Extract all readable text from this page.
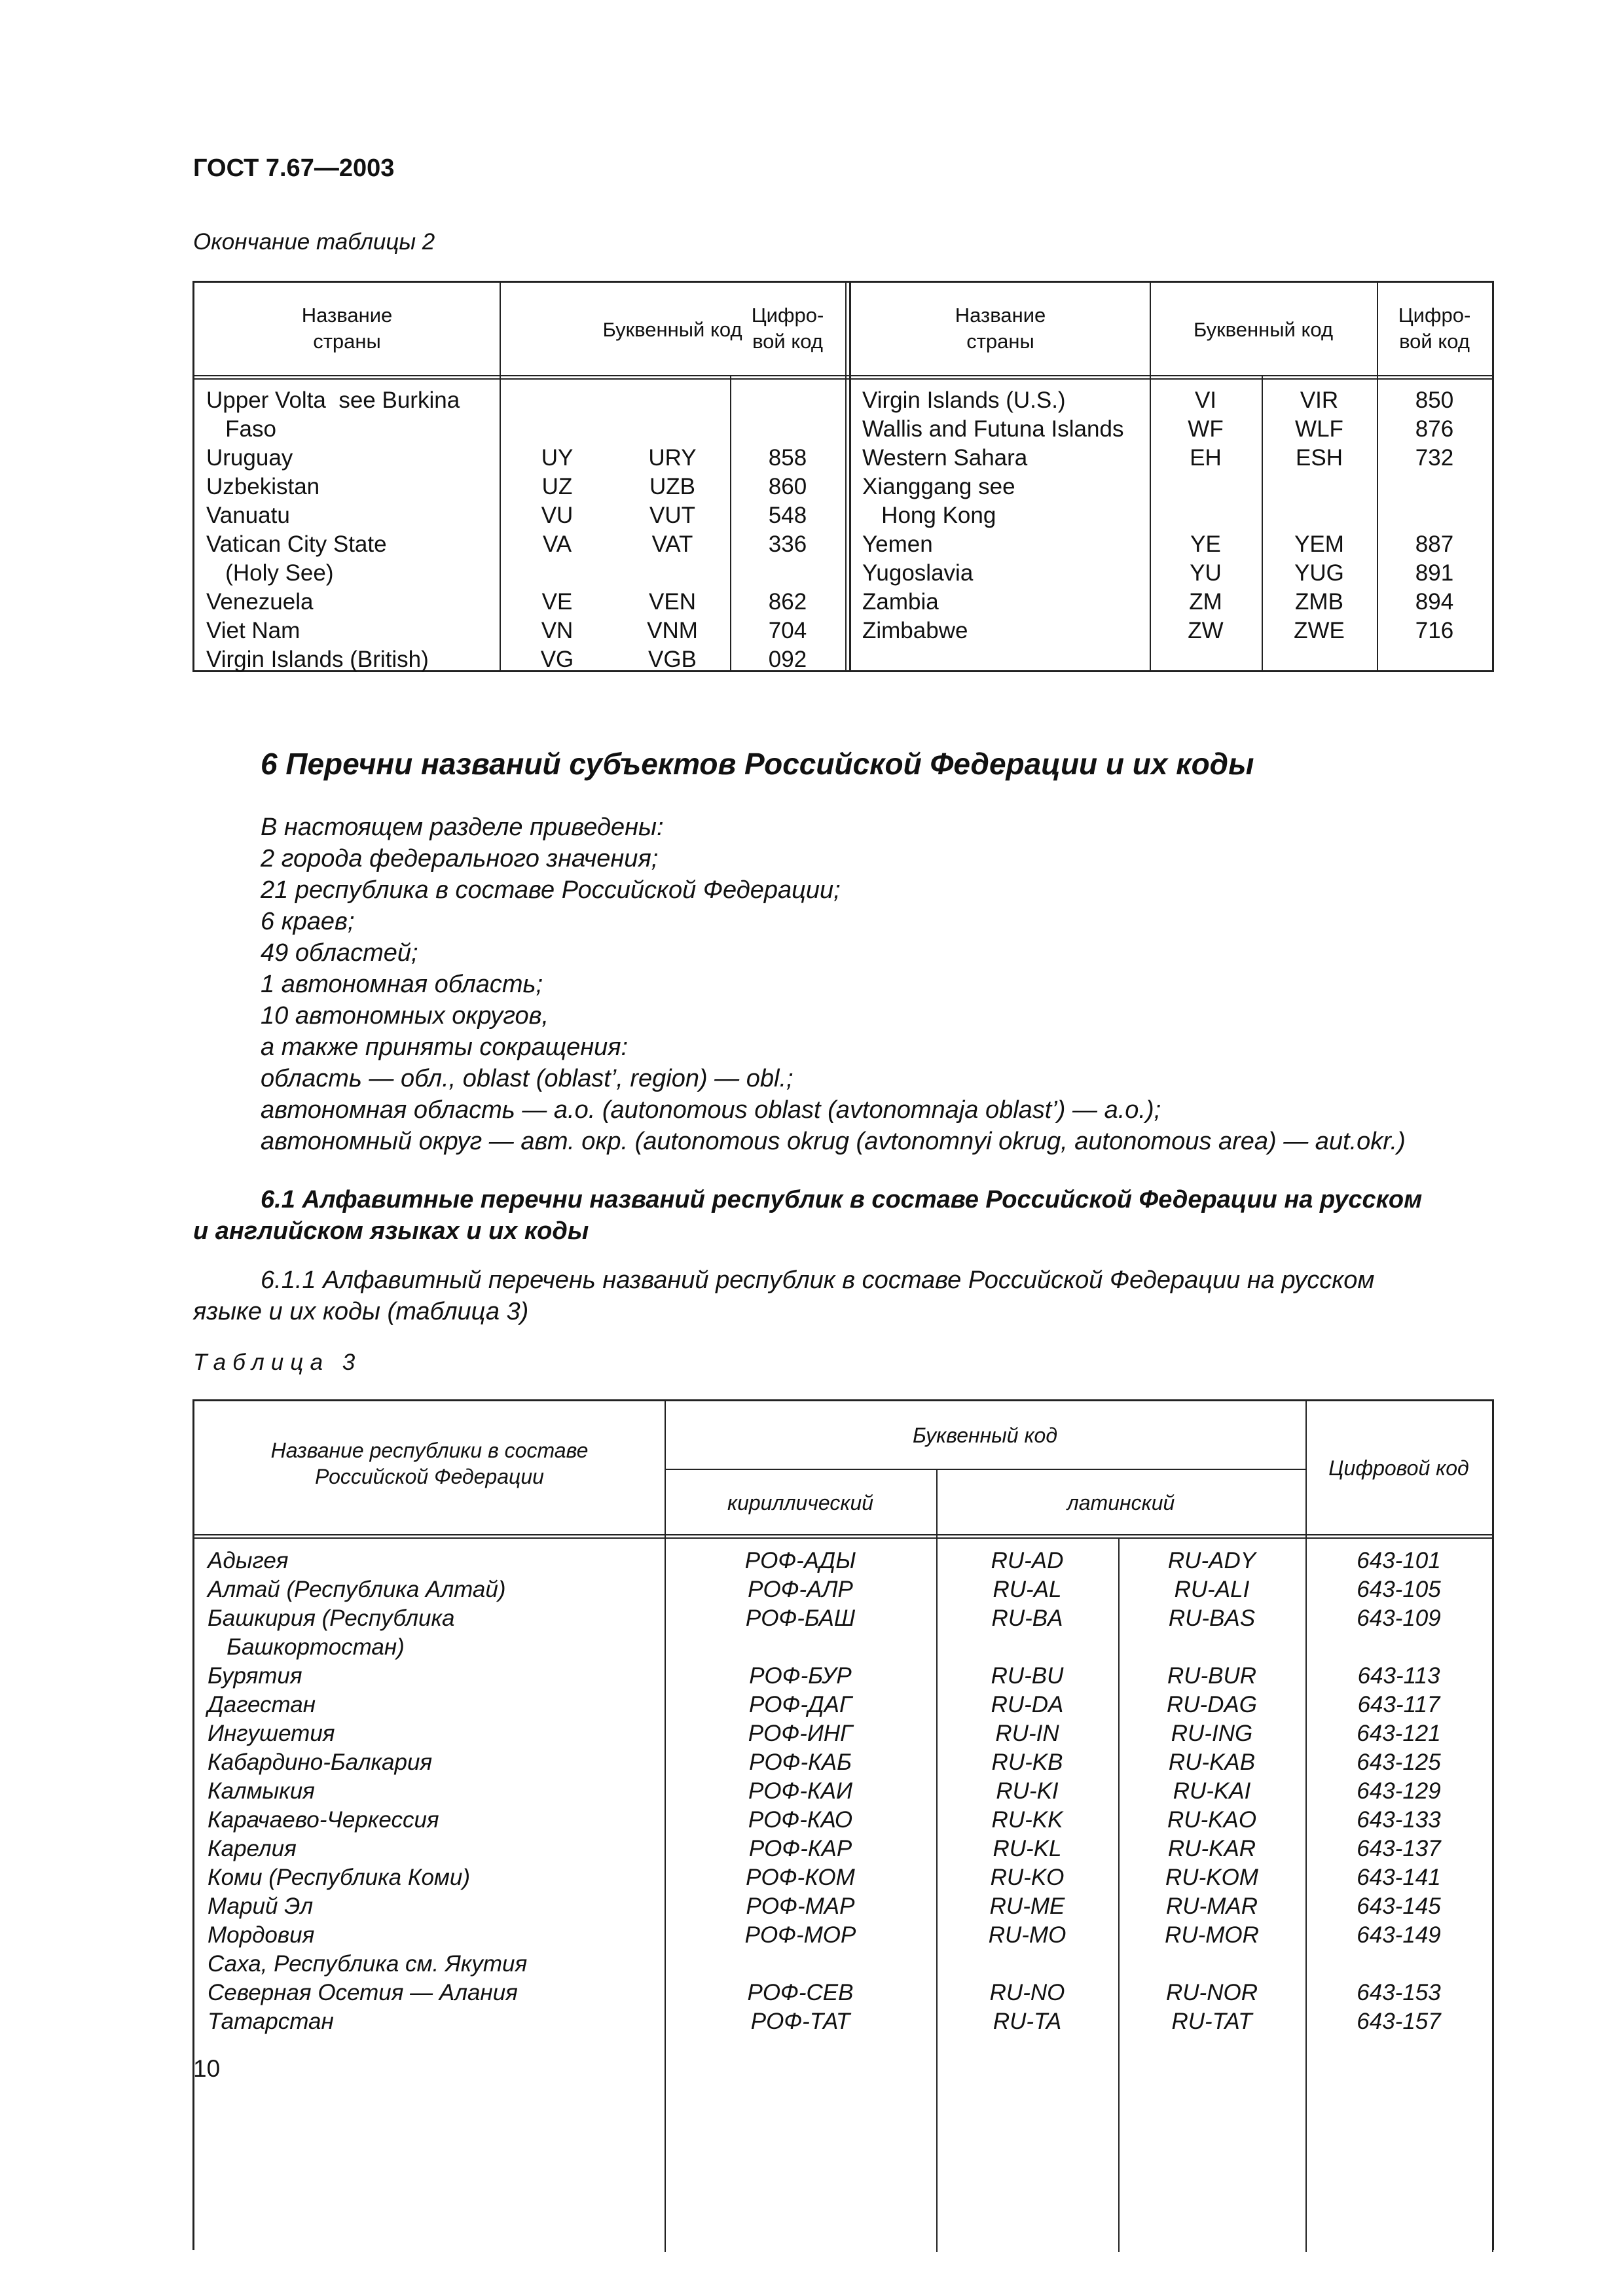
ГОСТ 7.67—2003
Окончание таблицы 2
Название
страны
Буквенный код
Цифро-
вой код
Название
страны
Буквенный код
Цифро-
вой код
Upper Volta  see Burkina
Faso
Uruguay	UY	URY	858
Uzbekistan	UZ	UZB	860
Vanuatu	VU	VUT	548
Vatican City State	VA	VAT	336
(Holy See)
Venezuela	VE	VEN	862
Viet Nam	VN	VNM	704
Virgin Islands (British)	VG	VGB	092
Virgin Islands (U.S.)	VI	VIR	850
Wallis and Futuna Islands	WF	WLF	876
Western Sahara	EH	ESH	732
Xianggang see
Hong Kong
Yemen	YE	YEM	887
Yugoslavia	YU	YUG	891
Zambia	ZM	ZMB	894
Zimbabwe	ZW	ZWE	716
6 Перечни названий субъектов Российской Федерации и их коды
В настоящем разделе приведены:
2 города федерального значения;
21 республика в составе Российской Федерации;
6 краев;
49 областей;
1 автономная область;
10 автономных округов,
а также приняты сокращения:
область — обл., oblast (oblast’, region) — obl.;
автономная область — а.о. (autonomous oblast (avtonomnaja oblast’) — a.o.);
автономный округ — авт. окр. (autonomous okrug (avtonomnyi okrug, autonomous area) — aut.okr.)
6.1 Алфавитные перечни названий республик в составе Российской Федерации на русском
и английском языках и их коды
6.1.1 Алфавитный перечень названий республик в составе Российской Федерации на русском
языке и их коды (таблица 3)
Таблица 3
Название республики в составе
Российской Федерации
Буквенный код
кириллический	латинский
Цифровой код
Адыгея	РОФ-АДЫ	RU-AD	RU-ADY	643-101
Алтай (Республика Алтай)	РОФ-АЛР	RU-AL	RU-ALI	643-105
Башкирия (Республика	РОФ-БАШ	RU-BA	RU-BAS	643-109
Башкортостан)
Бурятия	РОФ-БУР	RU-BU	RU-BUR	643-113
Дагестан	РОФ-ДАГ	RU-DA	RU-DAG	643-117
Ингушетия	РОФ-ИНГ	RU-IN	RU-ING	643-121
Кабардино-Балкария	РОФ-КАБ	RU-KB	RU-KAB	643-125
Калмыкия	РОФ-КАИ	RU-KI	RU-KAI	643-129
Карачаево-Черкессия	РОФ-КАО	RU-KK	RU-KAO	643-133
Карелия	РОФ-КАР	RU-KL	RU-KAR	643-137
Коми (Республика Коми)	РОФ-КОМ	RU-KO	RU-KOM	643-141
Марий Эл	РОФ-МАР	RU-ME	RU-MAR	643-145
Мордовия	РОФ-МОР	RU-MO	RU-MOR	643-149
Саха, Республика см. Якутия
Северная Осетия — Алания	РОФ-СЕВ	RU-NO	RU-NOR	643-153
Татарстан	РОФ-ТАТ	RU-TA	RU-TAT	643-157
10
